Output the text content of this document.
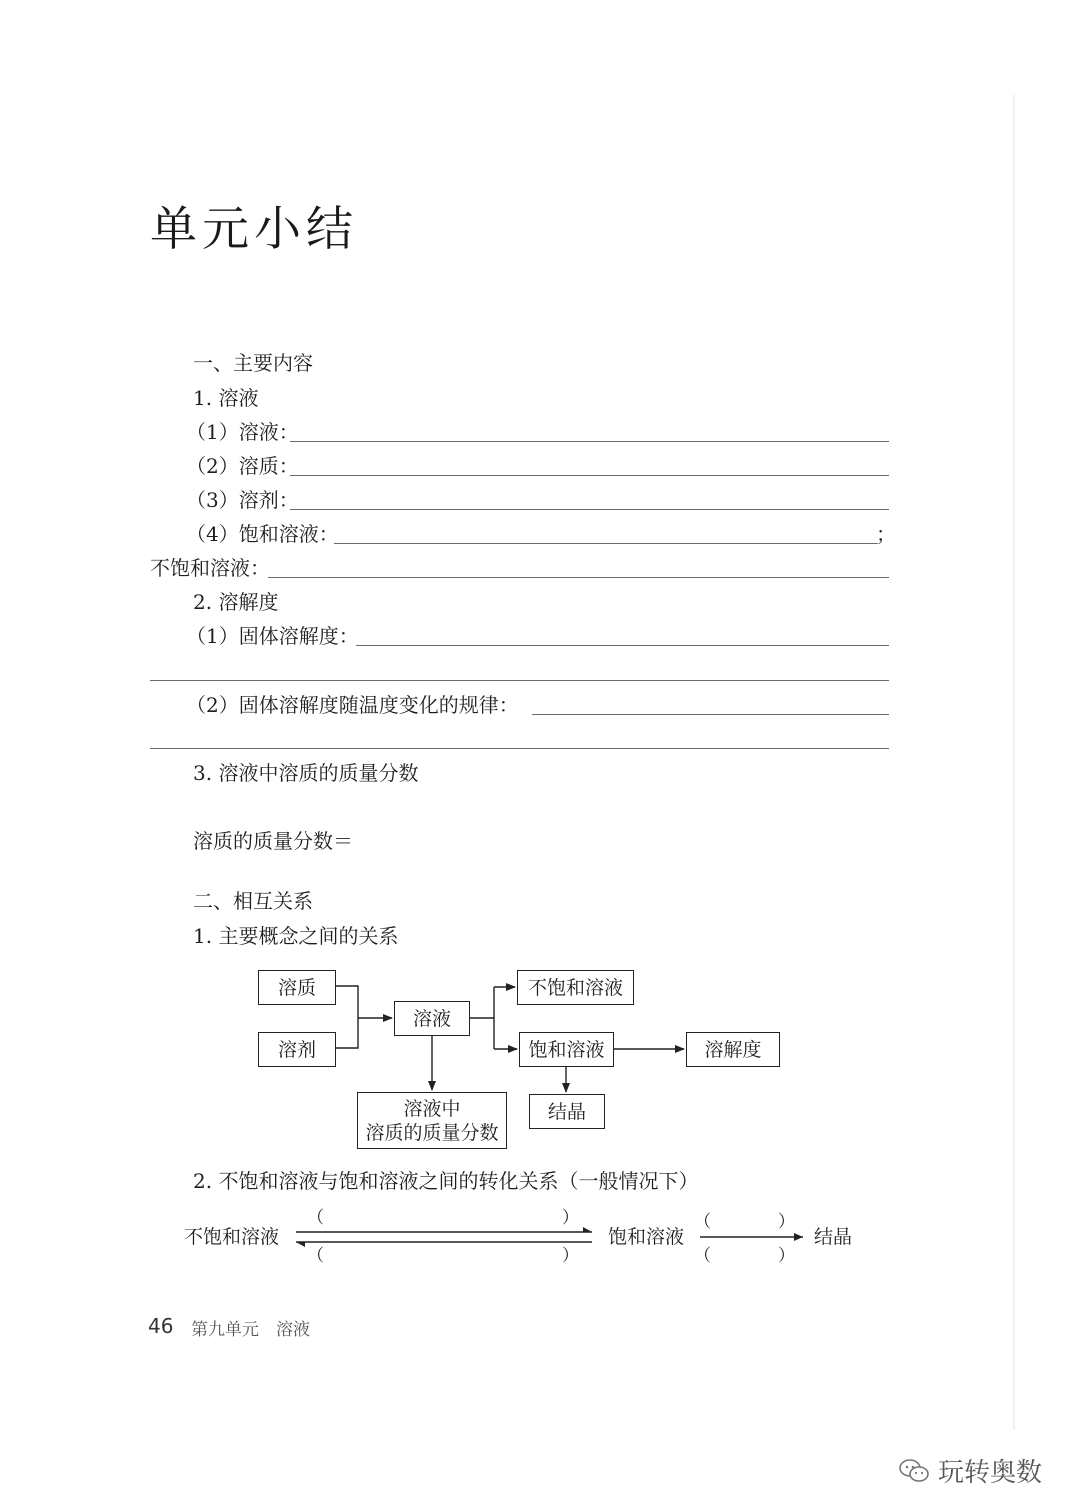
单元小结
一、主要内容
1. 溶液
（1）溶液：
（2）溶质：
（3）溶剂：
（4）饱和溶液：	；
不饱和溶液：
2. 溶解度
（1）固体溶解度：
（2）固体溶解度随温度变化的规律：
3. 溶液中溶质的质量分数
溶质的质量分数＝
二、相互关系
1. 主要概念之间的关系
溶质
溶剂
溶液
不饱和溶液
饱和溶液	溶解度
溶液中
溶质的质量分数
结晶
2. 不饱和溶液与饱和溶液之间的转化关系（一般情况下）
不饱和溶液	饱和溶液	结晶
（	）
（	）
（	）
（	）
46 第九单元　溶液
玩转奥数
